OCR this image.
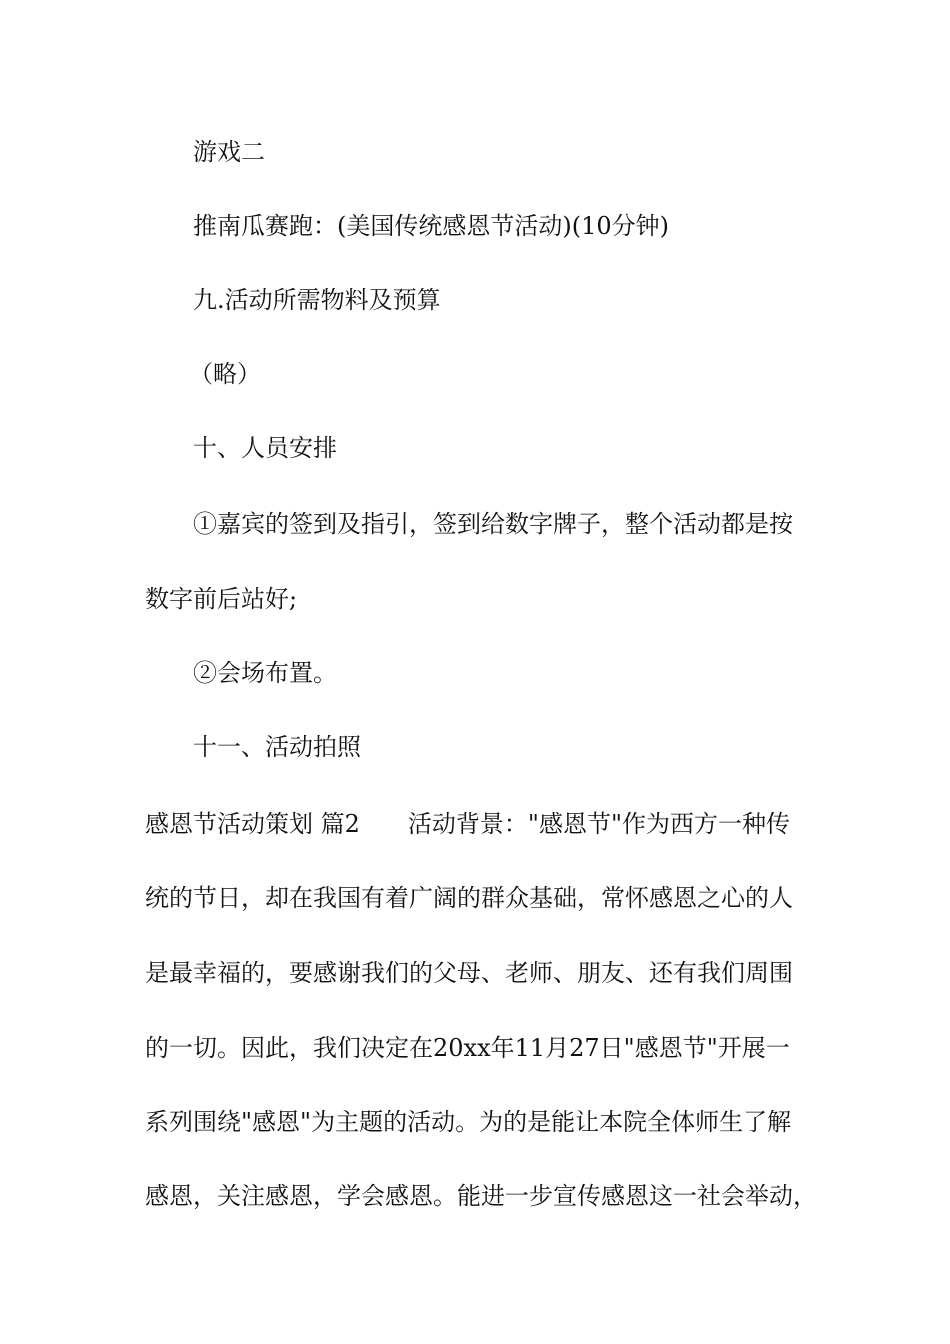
游戏二
推南瓜赛跑：(美国传统感恩节活动)(10分钟)
九.活动所需物料及预算
（略）
十、人员安排
①嘉宾的签到及指引，签到给数字牌子，整个活动都是按
数字前后站好;
②会场布置。
十一、活动拍照
感恩节活动策划 篇2 活动背景："感恩节"作为西方一种传
统的节日，却在我国有着广阔的群众基础，常怀感恩之心的人
是最幸福的，要感谢我们的父母、老师、朋友、还有我们周围
的一切。因此，我们决定在20xx年11月27日"感恩节"开展一
系列围绕"感恩"为主题的活动。为的是能让本院全体师生了解
感恩，关注感恩，学会感恩。能进一步宣传感恩这一社会举动，
